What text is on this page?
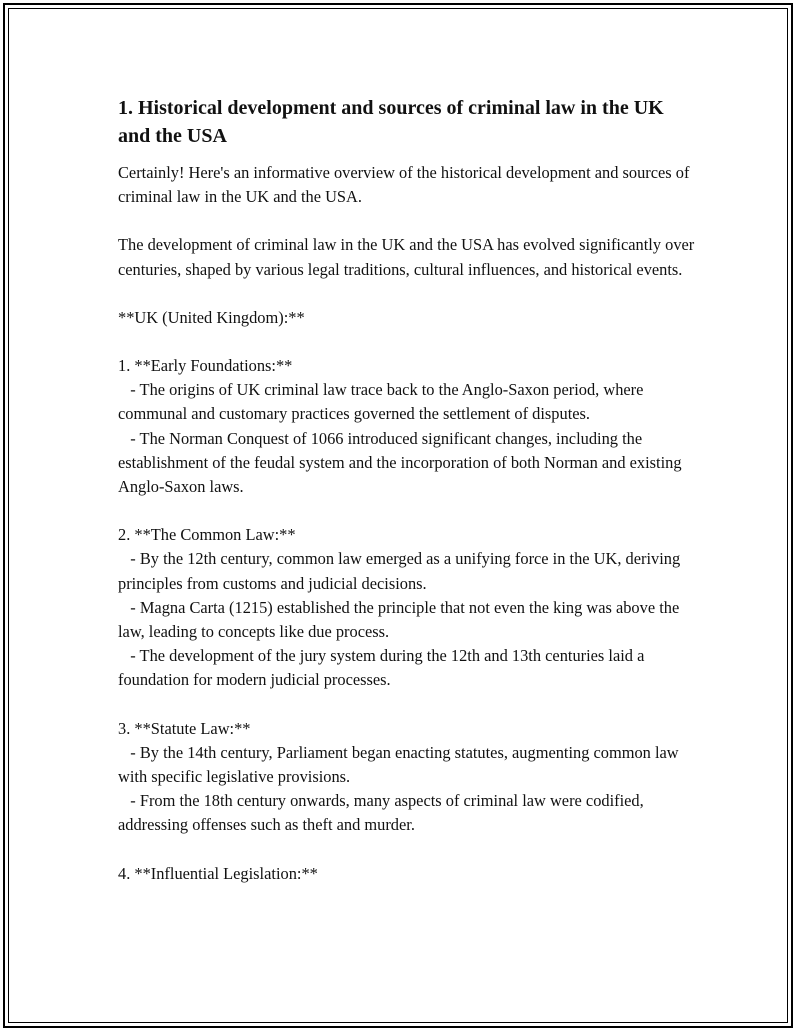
1. Historical development and sources of criminal law in the UK and the USA

Certainly! Here's an informative overview of the historical development and sources of criminal law in the UK and the USA.

The development of criminal law in the UK and the USA has evolved significantly over centuries, shaped by various legal traditions, cultural influences, and historical events.

**UK (United Kingdom):**

1. **Early Foundations:**
- The origins of UK criminal law trace back to the Anglo-Saxon period, where communal and customary practices governed the settlement of disputes.
- The Norman Conquest of 1066 introduced significant changes, including the establishment of the feudal system and the incorporation of both Norman and existing Anglo-Saxon laws.

2. **The Common Law:**
- By the 12th century, common law emerged as a unifying force in the UK, deriving principles from customs and judicial decisions.
- Magna Carta (1215) established the principle that not even the king was above the law, leading to concepts like due process.
- The development of the jury system during the 12th and 13th centuries laid a foundation for modern judicial processes.

3. **Statute Law:**
- By the 14th century, Parliament began enacting statutes, augmenting common law with specific legislative provisions.
- From the 18th century onwards, many aspects of criminal law were codified, addressing offenses such as theft and murder.

4. **Influential Legislation:**
